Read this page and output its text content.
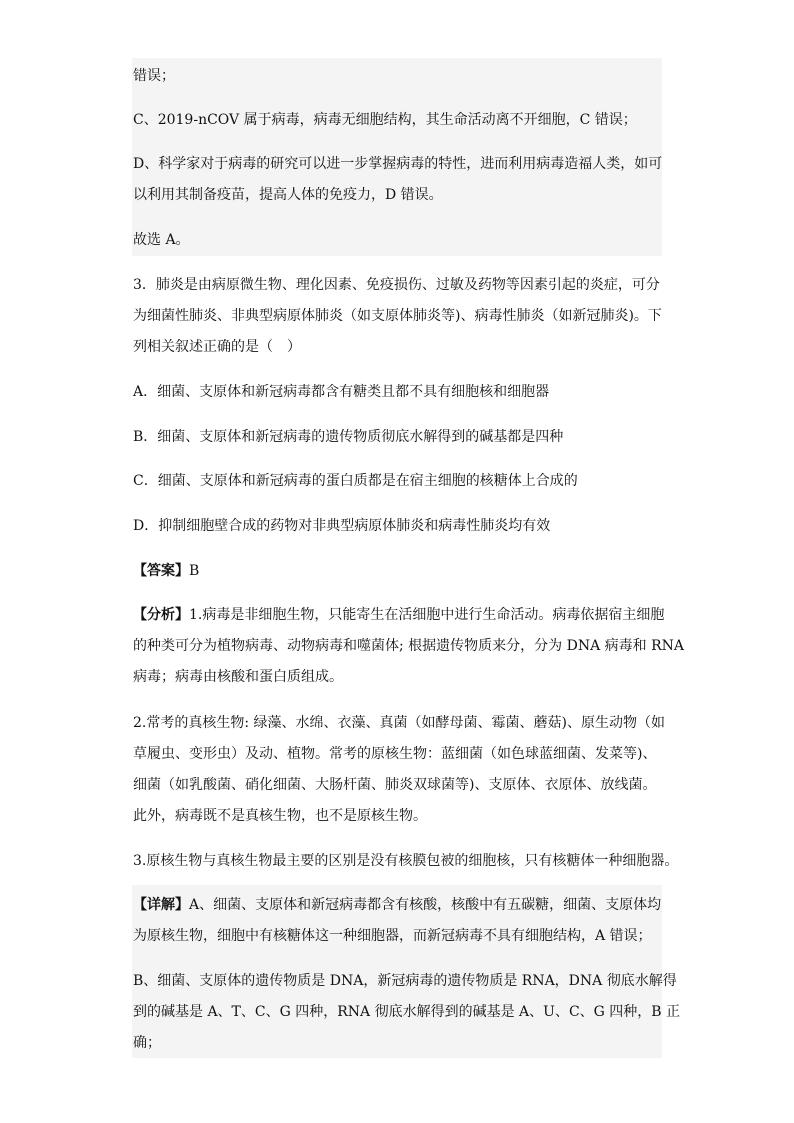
错误；
C、2019-nCOV 属于病毒，病毒无细胞结构，其生命活动离不开细胞，C 错误；
D、科学家对于病毒的研究可以进一步掌握病毒的特性，进而利用病毒造福人类，如可
以利用其制备疫苗，提高人体的免疫力，D 错误。
故选 A。
3．肺炎是由病原微生物、理化因素、免疫损伤、过敏及药物等因素引起的炎症，可分
为细菌性肺炎、非典型病原体肺炎（如支原体肺炎等)、病毒性肺炎（如新冠肺炎)。下
列相关叙述正确的是（　）
A．细菌、支原体和新冠病毒都含有糖类且都不具有细胞核和细胞器
B．细菌、支原体和新冠病毒的遗传物质彻底水解得到的碱基都是四种
C．细菌、支原体和新冠病毒的蛋白质都是在宿主细胞的核糖体上合成的
D．抑制细胞壁合成的药物对非典型病原体肺炎和病毒性肺炎均有效
【答案】B
【分析】1.病毒是非细胞生物，只能寄生在活细胞中进行生命活动。病毒依据宿主细胞
的种类可分为植物病毒、动物病毒和噬菌体; 根据遗传物质来分，分为 DNA 病毒和 RNA
病毒；病毒由核酸和蛋白质组成。
2.常考的真核生物: 绿藻、水绵、衣藻、真菌（如酵母菌、霉菌、蘑菇)、原生动物（如
草履虫、变形虫）及动、植物。常考的原核生物：蓝细菌（如色球蓝细菌、发菜等)、
细菌（如乳酸菌、硝化细菌、大肠杆菌、肺炎双球菌等)、支原体、衣原体、放线菌。
此外，病毒既不是真核生物，也不是原核生物。
3.原核生物与真核生物最主要的区别是没有核膜包被的细胞核，只有核糖体一种细胞器。
【详解】A、细菌、支原体和新冠病毒都含有核酸，核酸中有五碳糖，细菌、支原体均
为原核生物，细胞中有核糖体这一种细胞器，而新冠病毒不具有细胞结构，A 错误；
B、细菌、支原体的遗传物质是 DNA，新冠病毒的遗传物质是 RNA，DNA 彻底水解得
到的碱基是 A、T、C、G 四种，RNA 彻底水解得到的碱基是 A、U、C、G 四种，B 正
确；
